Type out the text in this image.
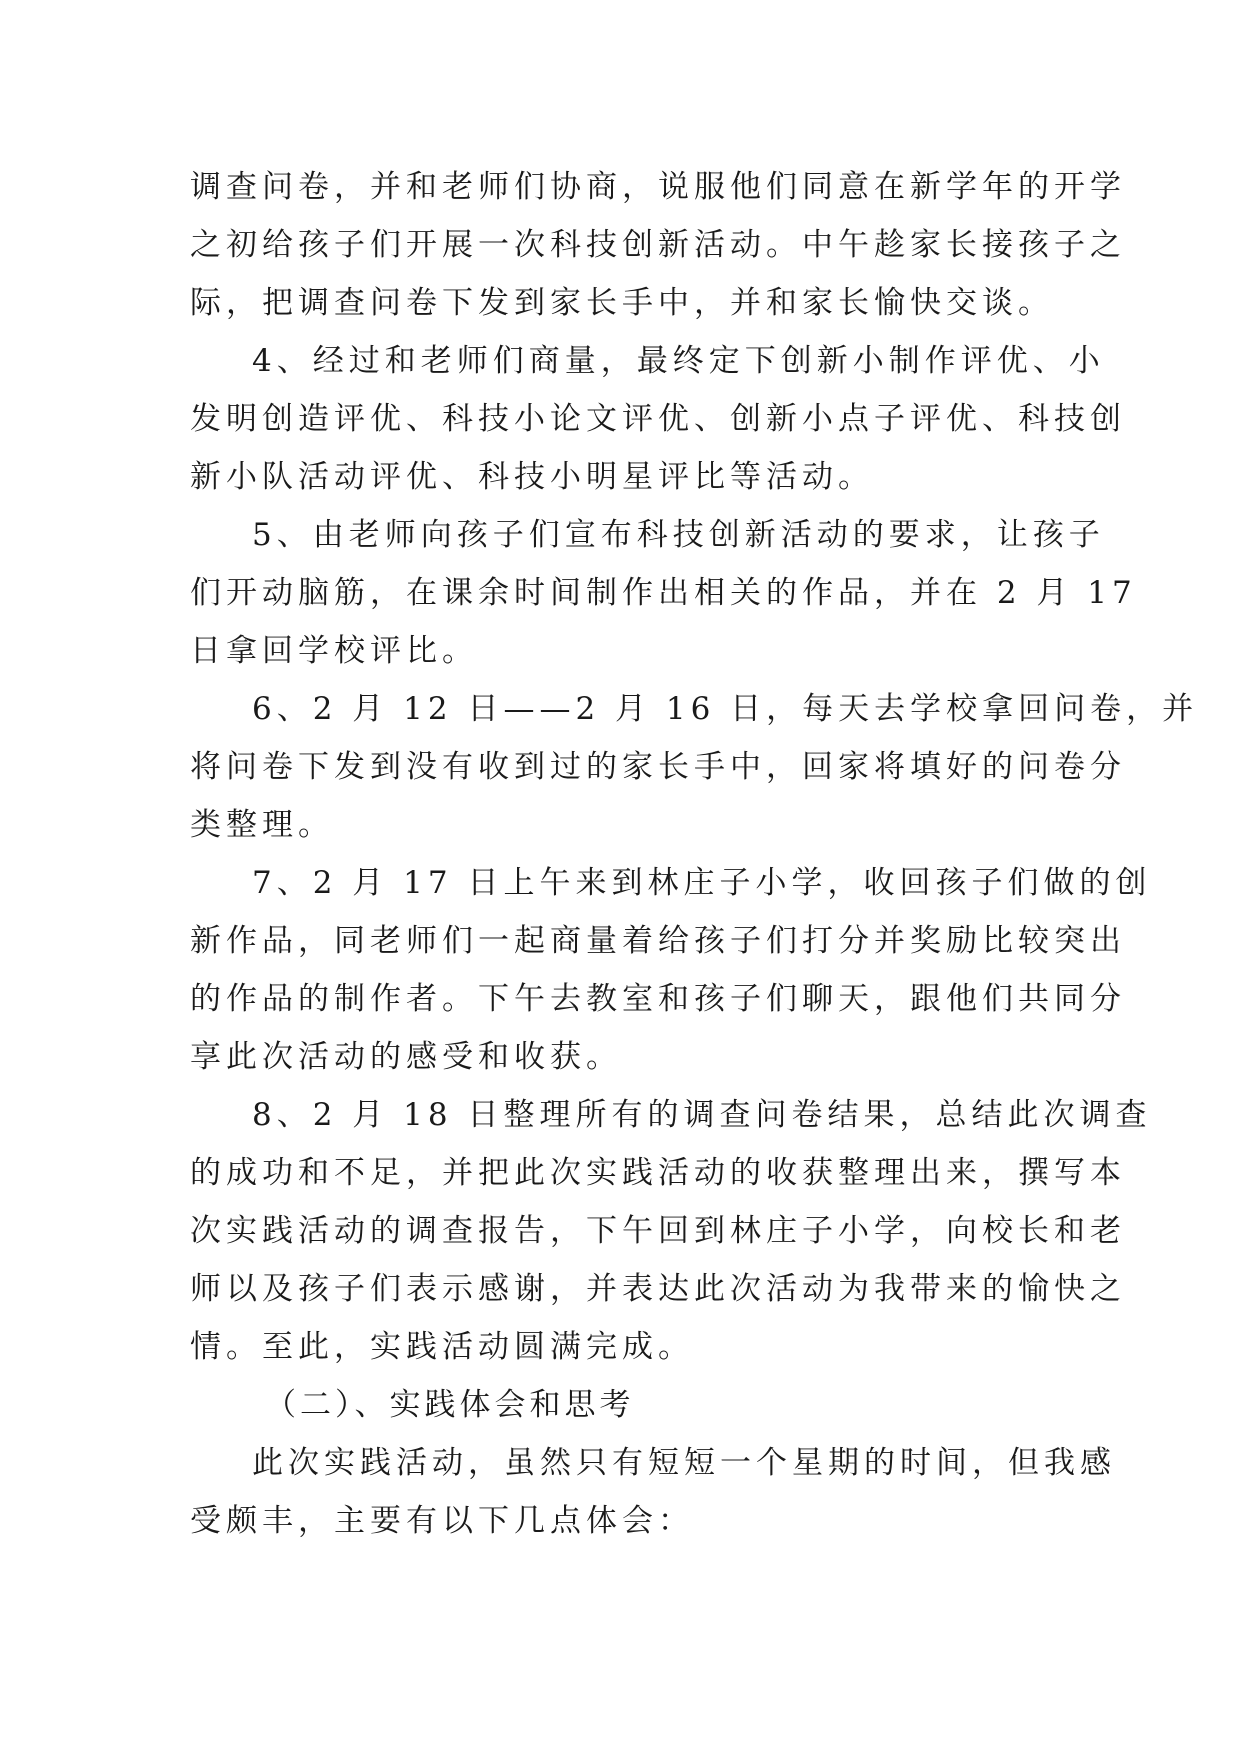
调查问卷，并和老师们协商，说服他们同意在新学年的开学
之初给孩子们开展一次科技创新活动。中午趁家长接孩子之
际，把调查问卷下发到家长手中，并和家长愉快交谈。
4、经过和老师们商量，最终定下创新小制作评优、小
发明创造评优、科技小论文评优、创新小点子评优、科技创
新小队活动评优、科技小明星评比等活动。
5、由老师向孩子们宣布科技创新活动的要求，让孩子
们开动脑筋，在课余时间制作出相关的作品，并在 2 月 17
日拿回学校评比。
6、2 月 12 日——2 月 16 日，每天去学校拿回问卷，并
将问卷下发到没有收到过的家长手中，回家将填好的问卷分
类整理。
7、2 月 17 日上午来到林庄子小学，收回孩子们做的创
新作品，同老师们一起商量着给孩子们打分并奖励比较突出
的作品的制作者。下午去教室和孩子们聊天，跟他们共同分
享此次活动的感受和收获。
8、2 月 18 日整理所有的调查问卷结果，总结此次调查
的成功和不足，并把此次实践活动的收获整理出来，撰写本
次实践活动的调查报告，下午回到林庄子小学，向校长和老
师以及孩子们表示感谢，并表达此次活动为我带来的愉快之
情。至此，实践活动圆满完成。
（二）、实践体会和思考
此次实践活动，虽然只有短短一个星期的时间，但我感
受颇丰，主要有以下几点体会：
